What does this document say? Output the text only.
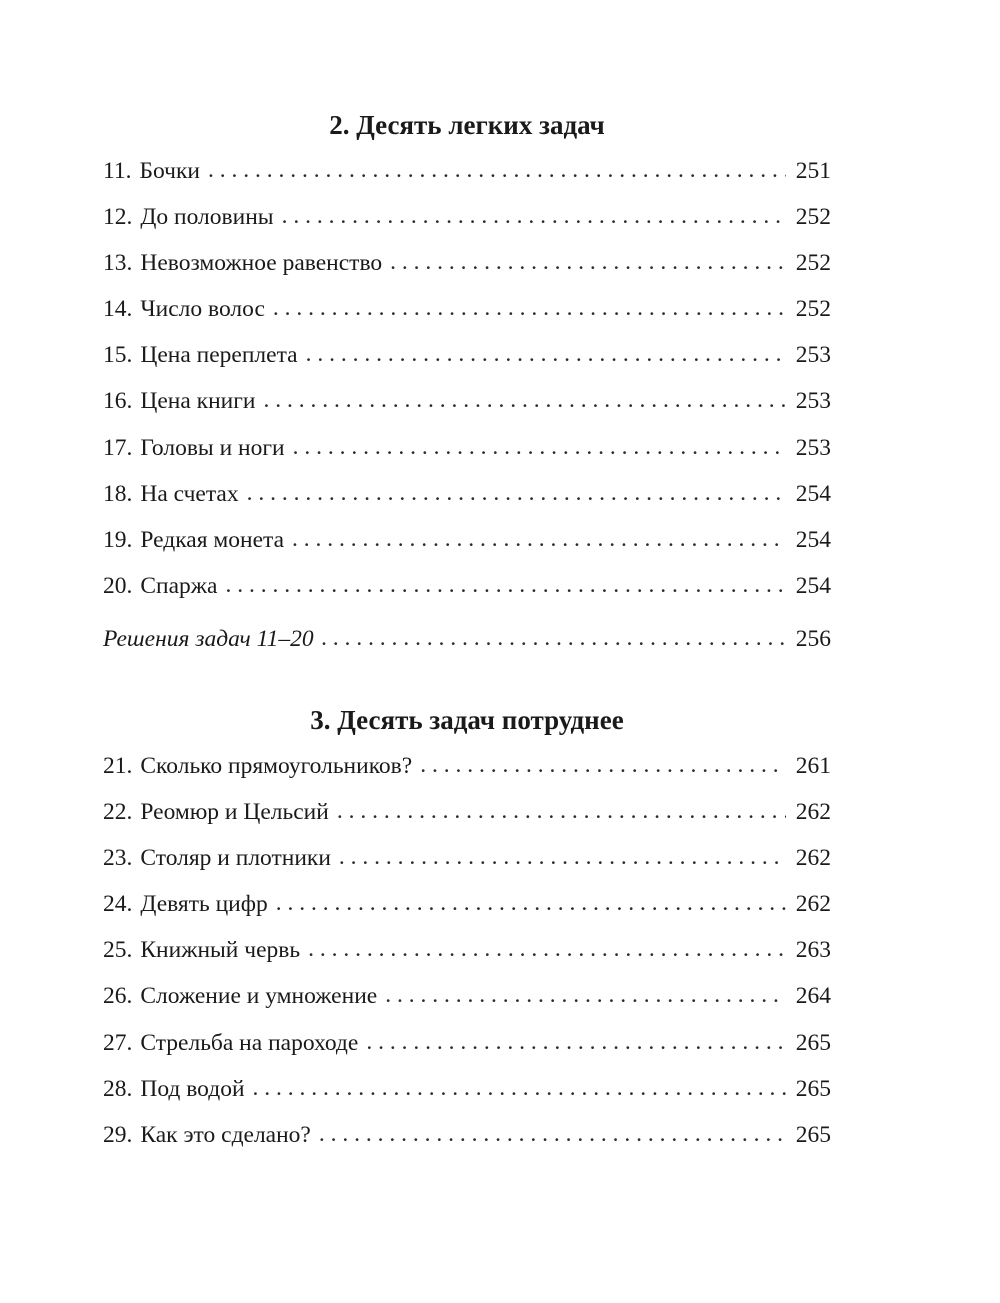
2. Десять легких задач
11. Бочки . . .	251
12. До половины . . .	252
13. Невозможное равенство . . .	252
14. Число волос . . .	252
15. Цена переплета . . .	253
16. Цена книги . . .	253
17. Головы и ноги . . .	253
18. На счетах . . .	254
19. Редкая монета . . .	254
20. Спаржа . . .	254
Решения задач 11–20 . . .	256
3. Десять задач потруднее
21. Сколько прямоугольников? . . .	261
22. Реомюр и Цельсий . . .	262
23. Столяр и плотники . . .	262
24. Девять цифр . . .	262
25. Книжный червь . . .	263
26. Сложение и умножение . . .	264
27. Стрельба на пароходе . . .	265
28. Под водой . . .	265
29. Как это сделано? . . .	265
